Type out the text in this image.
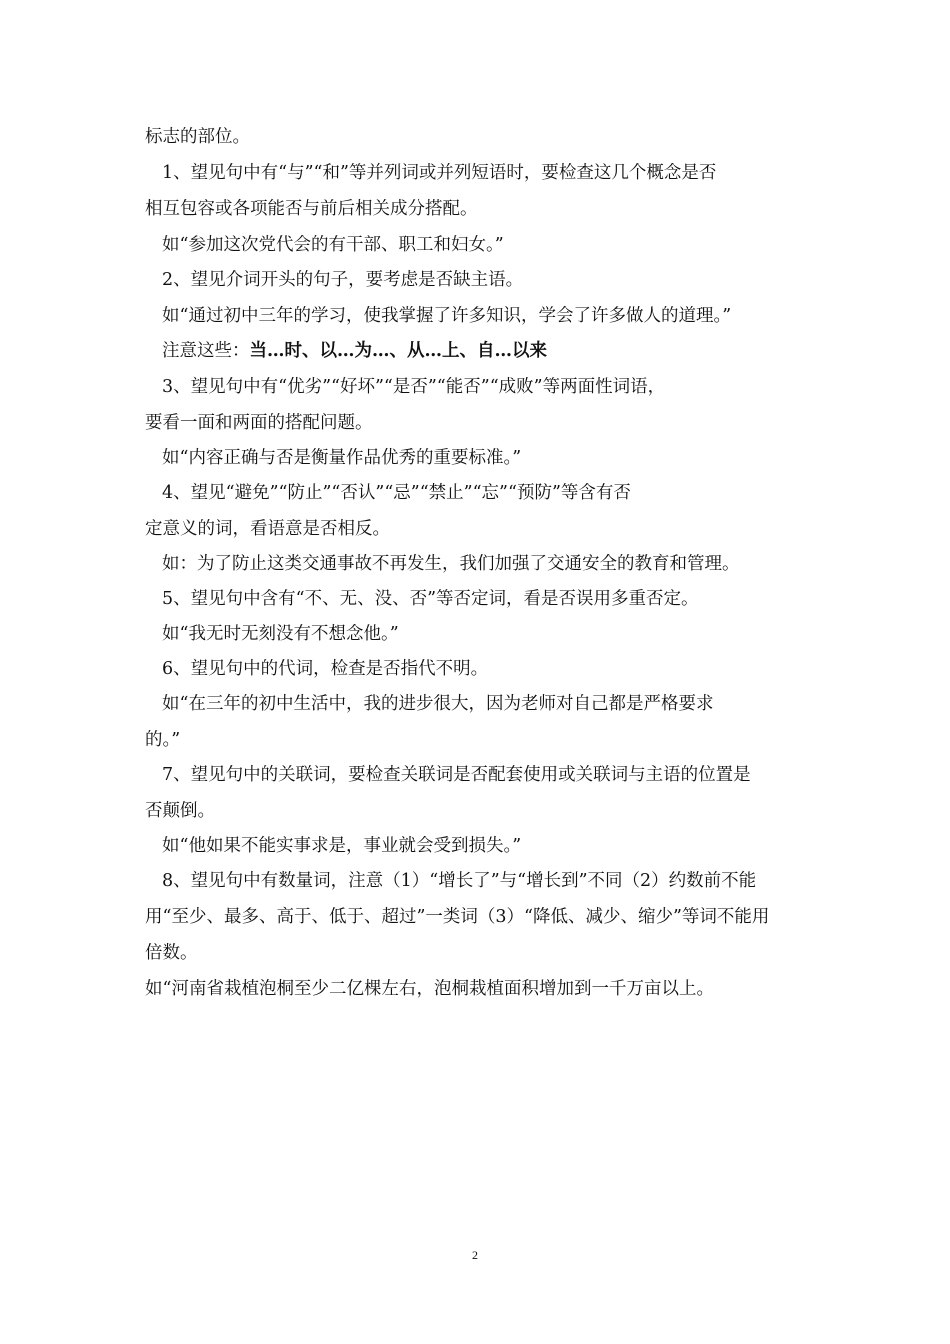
标志的部位。

1、望见句中有“与”“和”等并列词或并列短语时，要检查这几个概念是否

相互包容或各项能否与前后相关成分搭配。

如“参加这次党代会的有干部、职工和妇女。”

2、望见介词开头的句子，要考虑是否缺主语。

如“通过初中三年的学习，使我掌握了许多知识，学会了许多做人的道理。”

注意这些：当…时、以…为…、从…上、自…以来

3、望见句中有“优劣”“好坏”“是否”“能否”“成败”等两面性词语，

要看一面和两面的搭配问题。

如“内容正确与否是衡量作品优秀的重要标准。”

4、望见“避免”“防止”“否认”“忌”“禁止”“忘”“预防”等含有否

定意义的词，看语意是否相反。

如：为了防止这类交通事故不再发生，我们加强了交通安全的教育和管理。

5、望见句中含有“不、无、没、否”等否定词，看是否误用多重否定。

如“我无时无刻没有不想念他。”

6、望见句中的代词，检查是否指代不明。

如“在三年的初中生活中，我的进步很大，因为老师对自己都是严格要求

的。”

7、望见句中的关联词，要检查关联词是否配套使用或关联词与主语的位置是

否颠倒。

如“他如果不能实事求是，事业就会受到损失。”

8、望见句中有数量词，注意（1）“增长了”与“增长到”不同（2）约数前不能

用“至少、最多、高于、低于、超过”一类词（3）“降低、减少、缩少”等词不能用

倍数。

如“河南省栽植泡桐至少二亿棵左右，泡桐栽植面积增加到一千万亩以上。

2
